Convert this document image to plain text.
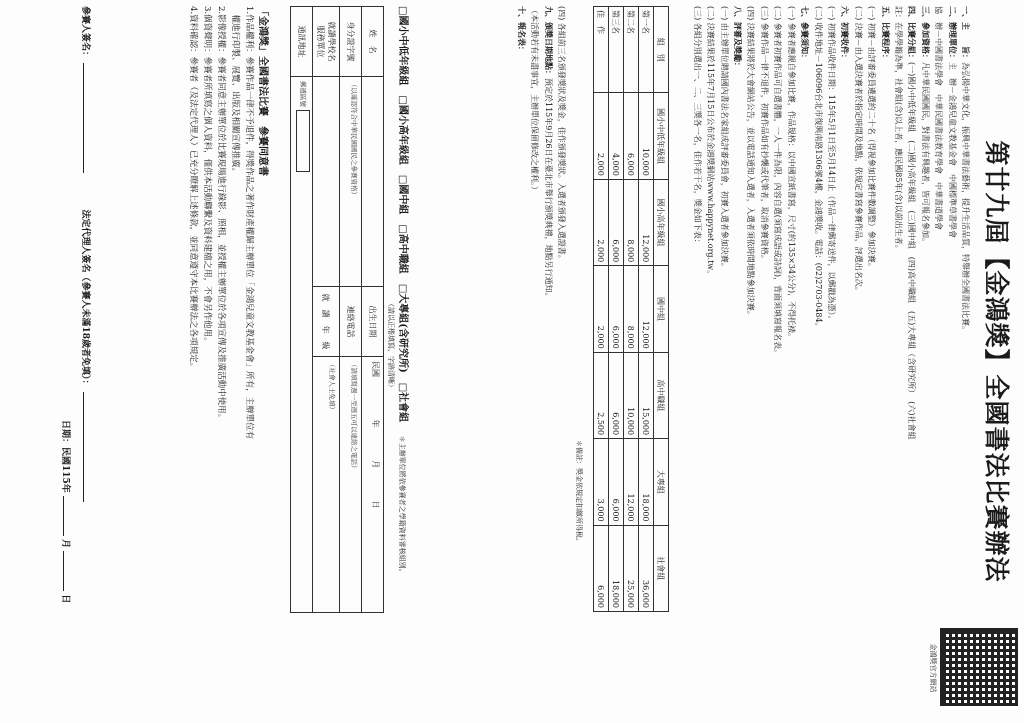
第廿九屆【金鴻獎】全國書法比賽辦法
金鴻獎官方網站
一、主　　旨：為弘揚中華文化，振興中華書法藝術，提升生活品質，特舉辦全國書法比賽。
二、辦理單位：主　辦－金鴻兒童文教基金會　中國標準草書學會
協　辦－中國書法學會　中華民國書法教育學會　中華書道學會
三、參加資格：凡中華民國國民，對書法有興趣者，皆可報名參加。
四、比賽分組：(一)國小中低年級組　(二)國小高年級組　(三)國中組　(四)高中職組　(五)大專組（含研究所）　(六)社會組
註：在學學籍為準，社會組(含)以上者，應民國85年(含)以前出生者。
五、比賽程序：
(一) 初賽－由評審委員遴選約二十名（得視參加比賽件數調整）參加決賽。
(二) 決賽－由入選決賽者於指定時間及地點，依規定書寫參賽作品，評選出名次。
六、初賽收件：
(一) 初賽作品收件日期：115年5月1日至5月14日止（作品一律郵寄送件，以郵戳為憑）。
(二) 收件地址－106096台北市復興南路1306號4樓，金鴻獎收。電話：(02)2703-0484。
七、參賽須知：
(一) 參賽者應親自參加比賽，作品規格：以中國宣紙書寫，尺寸(約135×34公分)，不得托裱。
(二) 參賽者初賽作品可自選書體，一人一件為限，內容自選(須寫成語或詩詞)，背面須填寫報名表。
(三) 參賽作品一律不退件，初賽作品如有抄襲或代筆者，取消參賽資格。
(四) 決賽結果將於大會網站公告，並以電話通知入選者，入選者須依時間地點參加決賽。
八、評審及獎勵：
(一) 由主辦單位聘請國內書法名家組成評審委員會，初賽入選者參加決賽。
(二) 決賽結果於115年7月15日公布於金鴻獎網站www.happynet.org.tw。
(三) 各組分別選出一、二、三獎各一名，佳作若干名，獎金如下表：
組　別	國小中低年級組	國小高年級組	國中組	高中職組	大專組	社會組
第一名	10,000	12,000	12,000	15,000	18,000	36,000
第二名	6,000	8,000	8,000	10,000	12,000	25,000
第三名	4,000	6,000	6,000	6,000	6,000	18,000
佳　作	2,000	2,000	2,000	2,500	3,000	6,000
＊備註：獎金依規定扣繳所得稅。
(四) 各組前三名頒發獎狀及獎金，佳作頒發獎狀。入選者頒發入選證書。
九、頒獎日期地點：預定於115年9月26日在臺北市舉行頒獎典禮，地點另行通知。
（本活動若有未盡事宜，主辦單位保留修改之權利。）
十、報名表：
□國小中低年級組□國小高年級組□國中組□高中職組□大專組(含研究所)□社會組 ＊主辦單位將依參賽者之學籍資料審核組別。
（請以正楷填寫，字跡清晰）
姓　名		出生日期	民國 年 月 日
身分證字號	（以確認符合中華民國國民之參賽資格）	連絡電話	（請填寫週一至週五可以連絡之電話）

就讀學校名
服務單位		就　讀　年　級	（社會人士免填）

通訊地址	郵遞區號		
「金鴻獎」全國書法比賽　參賽同意書
1.作品權利：參賽作品一律不予退件，得獎作品之著作財產權歸主辦單位「金鴻兒童文教基金會」所有，主辦單位有
　權進行印製、展覽、出版及相關宣傳推廣。
2.影像授權：參賽者同意主辦單位於比賽現場進行錄影、照相，並授權主辦單位於各項宣傳及推廣活動中使用。
3.個資聲明：參賽者所填寫之個人資料，僅供本活動聯繫及資料建檔之用，不會另作他用。
4.資料確認：參賽者（及法定代理人）已充分瞭解上述條款，並同意遵守本比賽辦法之各項規定。
參賽人簽名：   法定代理人簽名（參賽人未滿18歲者免填）：
日期：民國115年  月  日
